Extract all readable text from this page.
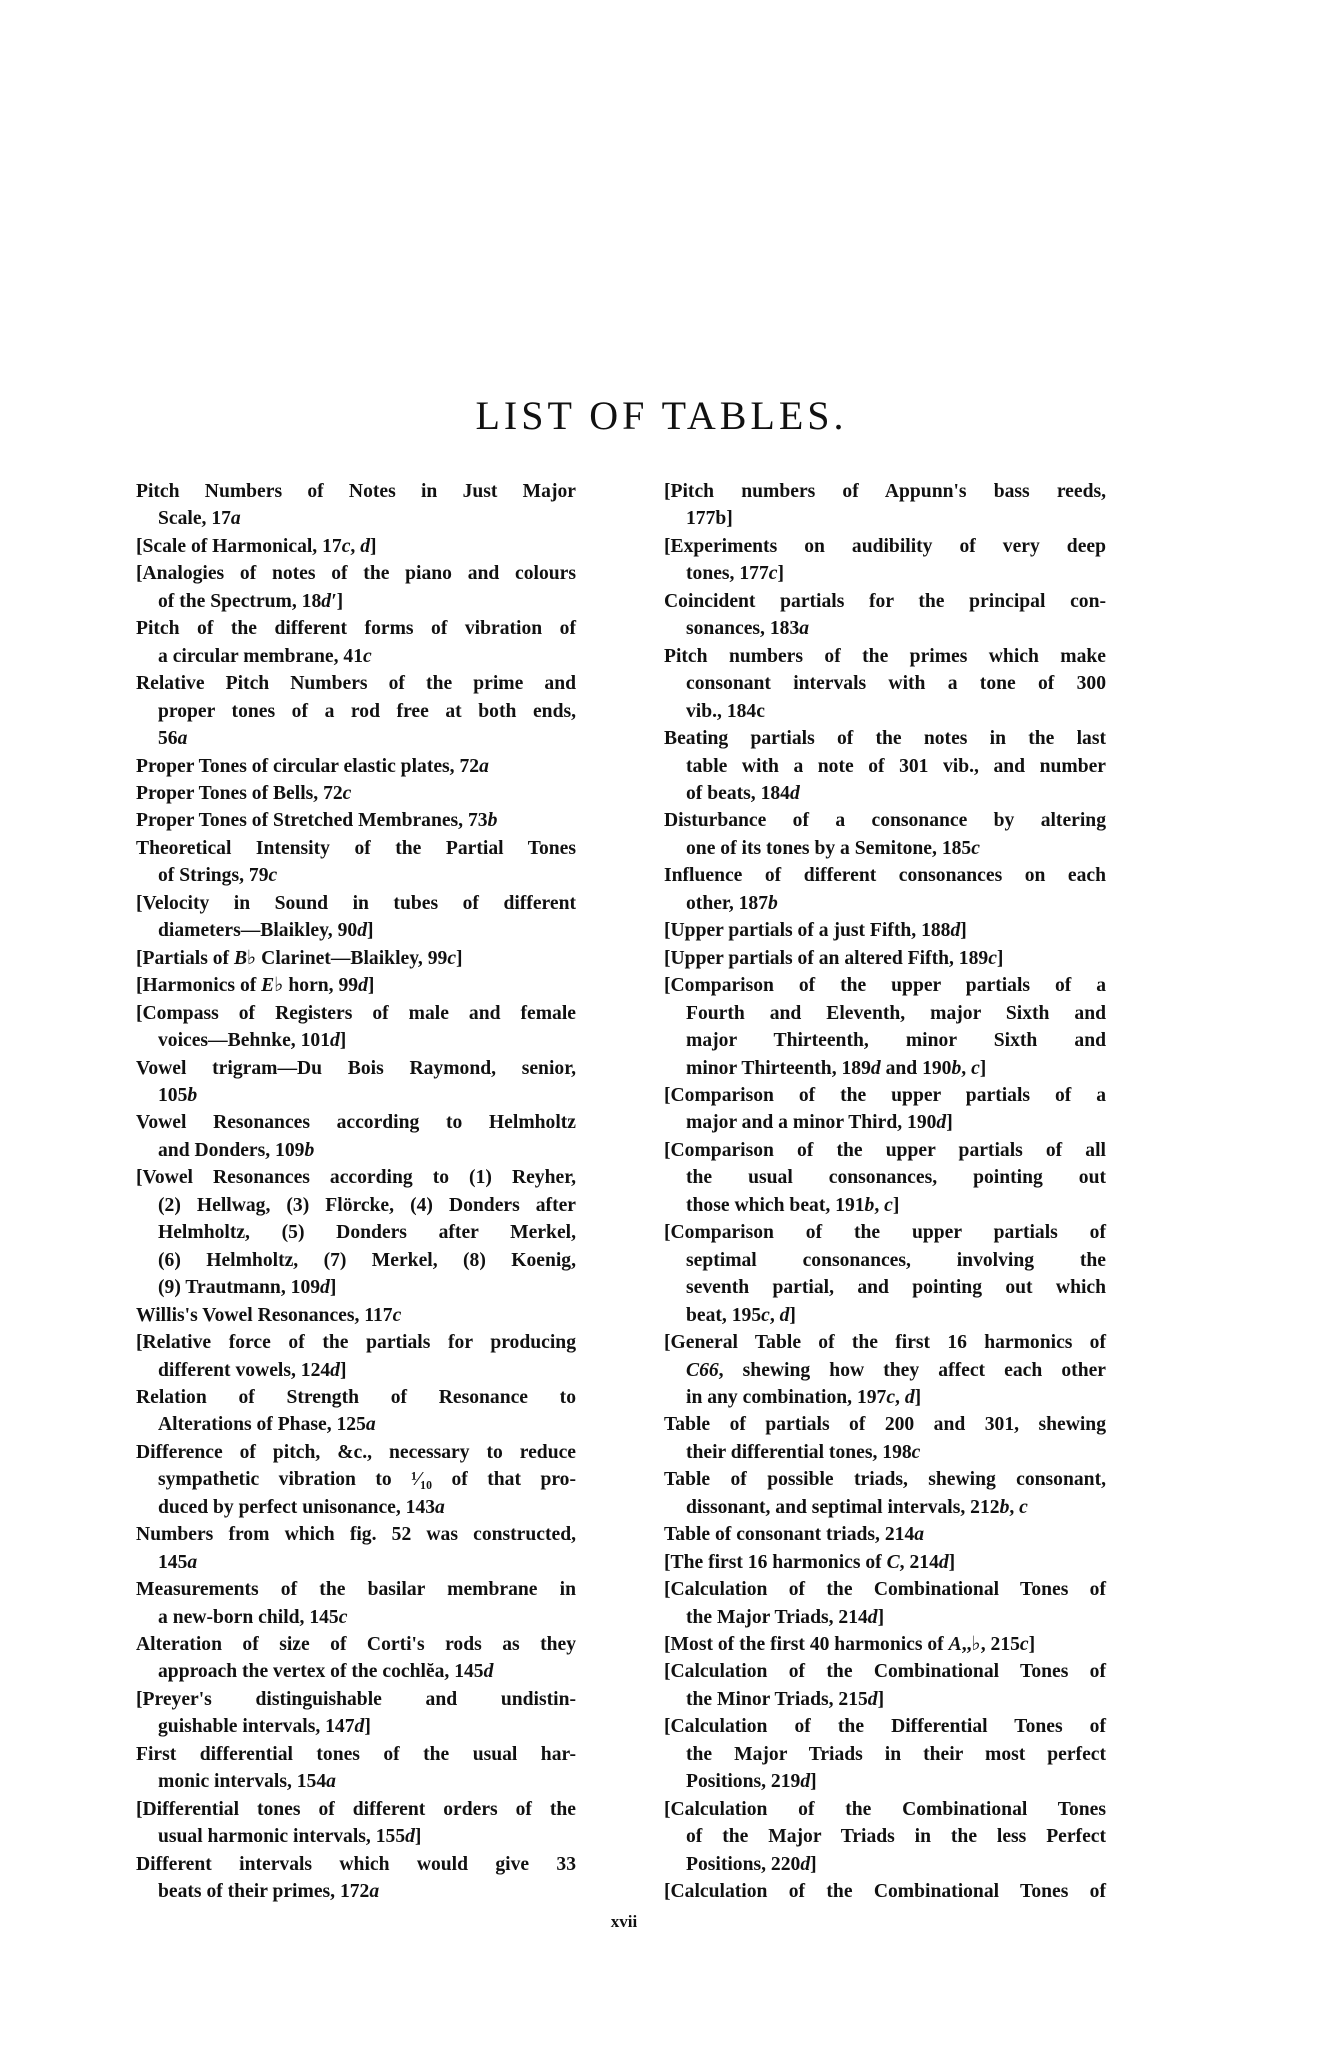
LIST OF TABLES.
Pitch Numbers of Notes in Just Major
Scale, 17a
[Scale of Harmonical, 17c, d]
[Analogies of notes of the piano and colours
of the Spectrum, 18d′]
Pitch of the different forms of vibration of
a circular membrane, 41c
Relative Pitch Numbers of the prime and
proper tones of a rod free at both ends,
56a
Proper Tones of circular elastic plates, 72a
Proper Tones of Bells, 72c
Proper Tones of Stretched Membranes, 73b
Theoretical Intensity of the Partial Tones
of Strings, 79c
[Velocity in Sound in tubes of different
diameters—Blaikley, 90d]
[Partials of B♭ Clarinet—Blaikley, 99c]
[Harmonics of E♭ horn, 99d]
[Compass of Registers of male and female
voices—Behnke, 101d]
Vowel trigram—Du Bois Raymond, senior,
105b
Vowel Resonances according to Helmholtz
and Donders, 109b
[Vowel Resonances according to (1) Reyher,
(2) Hellwag, (3) Flörcke, (4) Donders after
Helmholtz, (5) Donders after Merkel,
(6) Helmholtz, (7) Merkel, (8) Koenig,
(9) Trautmann, 109d]
Willis's Vowel Resonances, 117c
[Relative force of the partials for producing
different vowels, 124d]
Relation of Strength of Resonance to
Alterations of Phase, 125a
Difference of pitch, &c., necessary to reduce
sympathetic vibration to ¹⁄₁₀ of that pro-
duced by perfect unisonance, 143a
Numbers from which fig. 52 was constructed,
145a
Measurements of the basilar membrane in
a new-born child, 145c
Alteration of size of Corti's rods as they
approach the vertex of the cochlĕa, 145d
[Preyer's distinguishable and undistin-
guishable intervals, 147d]
First differential tones of the usual har-
monic intervals, 154a
[Differential tones of different orders of the
usual harmonic intervals, 155d]
Different intervals which would give 33
beats of their primes, 172a
[Pitch numbers of Appunn's bass reeds,
177b]
[Experiments on audibility of very deep
tones, 177c]
Coincident partials for the principal con-
sonances, 183a
Pitch numbers of the primes which make
consonant intervals with a tone of 300
vib., 184c
Beating partials of the notes in the last
table with a note of 301 vib., and number
of beats, 184d
Disturbance of a consonance by altering
one of its tones by a Semitone, 185c
Influence of different consonances on each
other, 187b
[Upper partials of a just Fifth, 188d]
[Upper partials of an altered Fifth, 189c]
[Comparison of the upper partials of a
Fourth and Eleventh, major Sixth and
major Thirteenth, minor Sixth and
minor Thirteenth, 189d and 190b, c]
[Comparison of the upper partials of a
major and a minor Third, 190d]
[Comparison of the upper partials of all
the usual consonances, pointing out
those which beat, 191b, c]
[Comparison of the upper partials of
septimal consonances, involving the
seventh partial, and pointing out which
beat, 195c, d]
[General Table of the first 16 harmonics of
C66, shewing how they affect each other
in any combination, 197c, d]
Table of partials of 200 and 301, shewing
their differential tones, 198c
Table of possible triads, shewing consonant,
dissonant, and septimal intervals, 212b, c
Table of consonant triads, 214a
[The first 16 harmonics of C, 214d]
[Calculation of the Combinational Tones of
the Major Triads, 214d]
[Most of the first 40 harmonics of A,,♭, 215c]
[Calculation of the Combinational Tones of
the Minor Triads, 215d]
[Calculation of the Differential Tones of
the Major Triads in their most perfect
Positions, 219d]
[Calculation of the Combinational Tones
of the Major Triads in the less Perfect
Positions, 220d]
[Calculation of the Combinational Tones of
xvii
